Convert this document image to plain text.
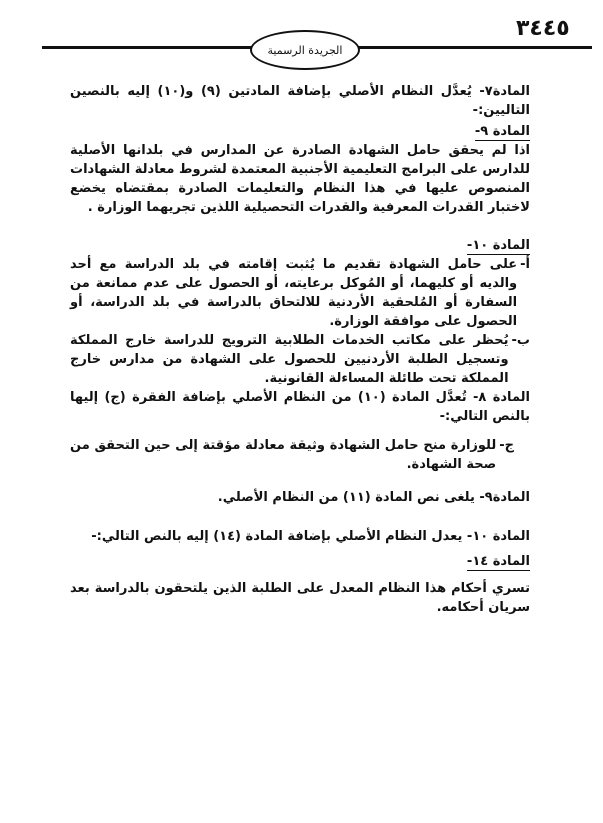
٣٤٤٥
الجريدة الرسمية

المادة٧- يُعدَّل النظام الأصلي بإضافة المادتين (٩) و(١٠) إليه بالنصين التاليين:-

المادة ٩-

اذا لم يحقق حامل الشهادة الصادرة عن المدارس في بلدانها الأصلية للدارس على البرامج التعليمية الأجنبية المعتمدة لشروط معادلة الشهادات المنصوص عليها في هذا النظام والتعليمات الصادرة بمقتضاه يخضع لاختبار القدرات المعرفية والقدرات التحصيلية اللذين تجريهما الوزارة .

المادة ١٠-

أ-
على حامل الشهادة تقديم ما يُثبت إقامته في بلد الدراسة مع أحد والديه أو كليهما، أو المُوكل برعايته، أو الحصول على عدم ممانعة من السفارة أو المُلحقية الأردنية للالتحاق بالدراسة في بلد الدراسة، أو الحصول على موافقة الوزارة.
ب-
يُحظر على مكاتب الخدمات الطلابية الترويج للدراسة خارج المملكة وتسجيل الطلبة الأردنيين للحصول على الشهادة من مدارس خارج المملكة تحت طائلة المساءلة القانونية.

المادة ٨- تُعدَّل المادة (١٠) من النظام الأصلي بإضافة الفقرة (ج) إليها بالنص التالي:-

ج-
للوزارة منح حامل الشهادة وثيقة معادلة مؤقتة إلى حين التحقق من صحة الشهادة.

المادة٩- يلغى نص المادة (١١) من النظام الأصلي.

المادة ١٠- يعدل النظام الأصلي بإضافة المادة (١٤) إليه بالنص التالي:-

المادة ١٤-

تسري أحكام هذا النظام المعدل على الطلبة الذين يلتحقون بالدراسة بعد سريان أحكامه.
